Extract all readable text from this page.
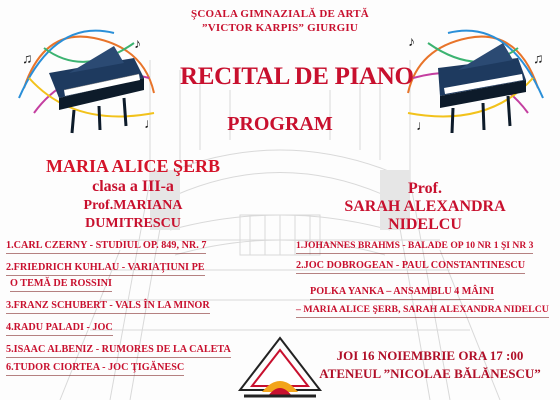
♪
♫
♩
♪
♫
♩
ŞCOALA GIMNAZIALĂ DE ARTĂ
”VICTOR KARPIS” GIURGIU
RECITAL DE PIANO
PROGRAM
MARIA ALICE ŞERB
clasa a III-a
Prof.MARIANA
DUMITRESCU
1.CARL CZERNY - STUDIUL OP. 849, NR. 7
2.FRIEDRICH KUHLAU - VARIAŢIUNI PE
O TEMĂ DE ROSSINI
3.FRANZ SCHUBERT - VALS ÎN LA MINOR
4.RADU PALADI - JOC
5.ISAAC ALBENIZ - RUMORES DE LA CALETA
6.TUDOR CIORTEA - JOC ŢIGĂNESC
Prof.
SARAH ALEXANDRA
NIDELCU
1.JOHANNES BRAHMS - BALADE OP 10 NR 1 ŞI NR 3
2.JOC DOBROGEAN - PAUL CONSTANTINESCU
POLKA YANKA – ANSAMBLU 4 MÂINI
– MARIA ALICE ŞERB, SARAH ALEXANDRA NIDELCU
JOI 16 NOIEMBRIE ORA 17 :00
ATENEUL ”NICOLAE BĂLĂNESCU”
